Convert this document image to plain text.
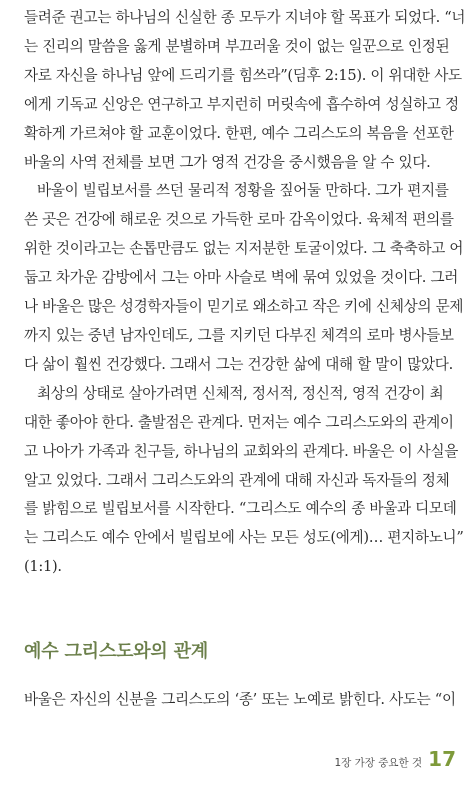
들려준 권고는 하나님의 신실한 종 모두가 지녀야 할 목표가 되었다. “너
는 진리의 말씀을 옳게 분별하며 부끄러울 것이 없는 일꾼으로 인정된
자로 자신을 하나님 앞에 드리기를 힘쓰라”(딤후 2:15). 이 위대한 사도
에게 기독교 신앙은 연구하고 부지런히 머릿속에 흡수하여 성실하고 정
확하게 가르쳐야 할 교훈이었다. 한편, 예수 그리스도의 복음을 선포한
바울의 사역 전체를 보면 그가 영적 건강을 중시했음을 알 수 있다.

바울이 빌립보서를 쓰던 물리적 정황을 짚어둘 만하다. 그가 편지를
쓴 곳은 건강에 해로운 것으로 가득한 로마 감옥이었다. 육체적 편의를
위한 것이라고는 손톱만큼도 없는 지저분한 토굴이었다. 그 축축하고 어
둡고 차가운 감방에서 그는 아마 사슬로 벽에 묶여 있었을 것이다. 그러
나 바울은 많은 성경학자들이 믿기로 왜소하고 작은 키에 신체상의 문제
까지 있는 중년 남자인데도, 그를 지키던 다부진 체격의 로마 병사들보
다 삶이 훨씬 건강했다. 그래서 그는 건강한 삶에 대해 할 말이 많았다.

최상의 상태로 살아가려면 신체적, 정서적, 정신적, 영적 건강이 최
대한 좋아야 한다. 출발점은 관계다. 먼저는 예수 그리스도와의 관계이
고 나아가 가족과 친구들, 하나님의 교회와의 관계다. 바울은 이 사실을
알고 있었다. 그래서 그리스도와의 관계에 대해 자신과 독자들의 정체
를 밝힘으로 빌립보서를 시작한다. “그리스도 예수의 종 바울과 디모데
는 그리스도 예수 안에서 빌립보에 사는 모든 성도(에게)… 편지하노니”
(1:1).

예수 그리스도와의 관계

바울은 자신의 신분을 그리스도의 ‘종’ 또는 노예로 밝힌다. 사도는 “이

1장 가장 중요한 것 17
